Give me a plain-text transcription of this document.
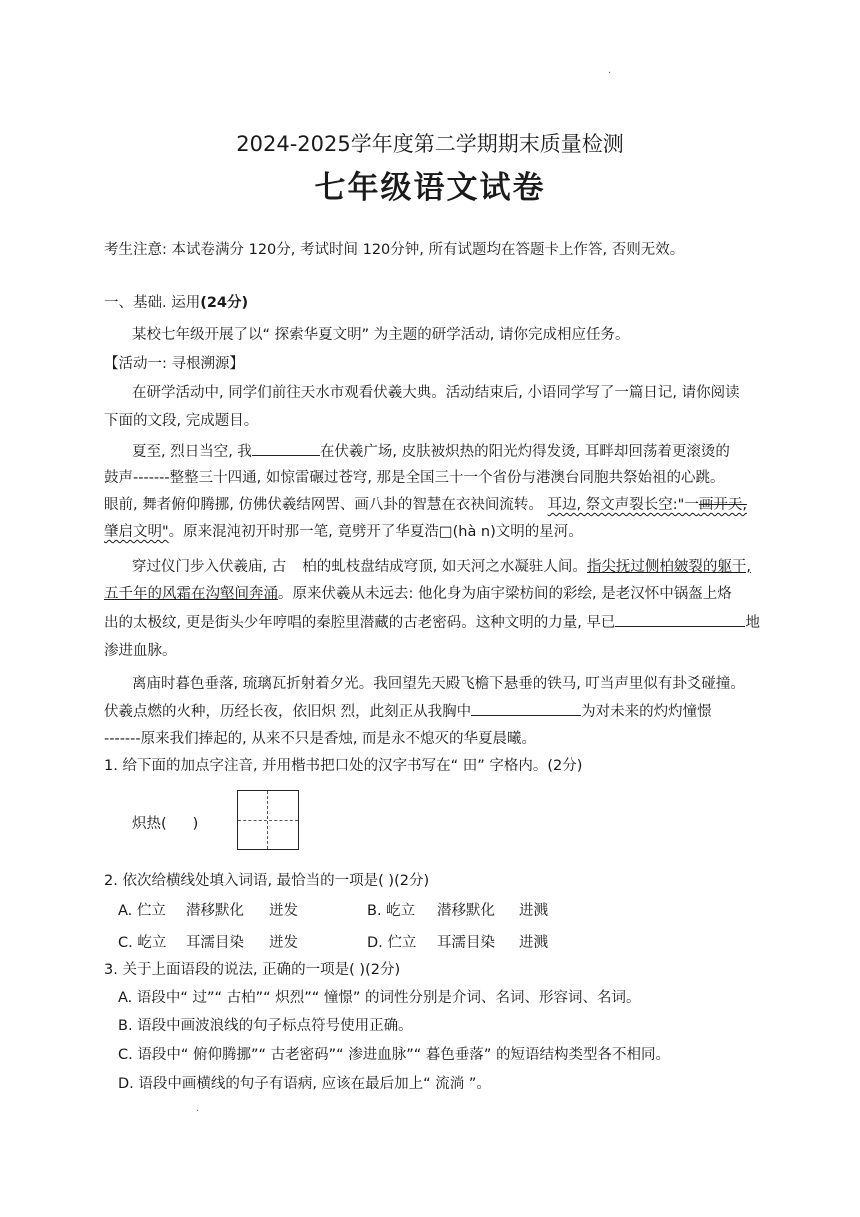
·
·
2024-2025学年度第二学期期末质量检测
七年级语文试卷
考生注意: 本试卷满分 120分, 考试时间 120分钟, 所有试题均在答题卡上作答, 否则无效。
一、基础. 运用(24分)
某校七年级开展了以“ 探索华夏文明” 为主题的研学活动, 请你完成相应任务。
【活动一: 寻根溯源】
在研学活动中, 同学们前往天水市观看伏羲大典。活动结束后, 小语同学写了一篇日记, 请你阅读
下面的文段, 完成题目。
夏至, 烈日当空, 我	在伏羲广场, 皮肤被炽热的阳光灼得发烫, 耳畔却回荡着更滚烫的
鼓声-------整整三十四通, 如惊雷碾过苍穹, 那是全国三十一个省份与港澳台同胞共祭始祖的心跳。
眼前, 舞者俯仰腾挪, 仿佛伏羲结网罟、画八卦的智慧在衣袂间流转。 耳边, 祭文声裂长空:"一画开天,
肇启文明"。原来混沌初开时那一笔, 竟劈开了华夏浩□(hà n)文明的星河。
穿过仪门步入伏羲庙, 古 柏的虬枝盘结成穹顶, 如天河之水凝驻人间。指尖抚过侧柏皴裂的躯干,
五千年的风霜在沟壑间奔涌。原来伏羲从未远去: 他化身为庙宇梁枋间的彩绘, 是老汉怀中锅盔上烙
出的太极纹, 更是街头少年哼唱的秦腔里潜藏的古老密码。这种文明的力量, 早已	地
渗进血脉。
离庙时暮色垂落, 琉璃瓦折射着夕光。我回望先天殿飞檐下悬垂的铁马, 叮当声里似有卦爻碰撞。
伏羲点燃的火种，历经长夜，依旧炽 烈，此刻正从我胸中	为对未来的灼灼憧憬
-------原来我们捧起的, 从来不只是香烛, 而是永不熄灭的华夏晨曦。
1. 给下面的加点字注音, 并用楷书把口处的汉字书写在“ 田” 字格内。(2分)
炽热( )
2. 依次给横线处填入词语, 最恰当的一项是( )(2分)
A. 伫立 潜移默化 迸发	B. 屹立 潜移默化 进溅
C. 屹立 耳濡目染 迸发	D. 伫立 耳濡目染 进溅
3. 关于上面语段的说法, 正确的一项是( )(2分)
A. 语段中“ 过”“ 古柏”“ 炽烈”“ 憧憬” 的词性分别是介词、名词、形容词、名词。
B. 语段中画波浪线的句子标点符号使用正确。
C. 语段中“ 俯仰腾挪”“ 古老密码”“ 渗进血脉”“ 暮色垂落” 的短语结构类型各不相同。
D. 语段中画横线的句子有语病, 应该在最后加上“ 流淌 ”。
